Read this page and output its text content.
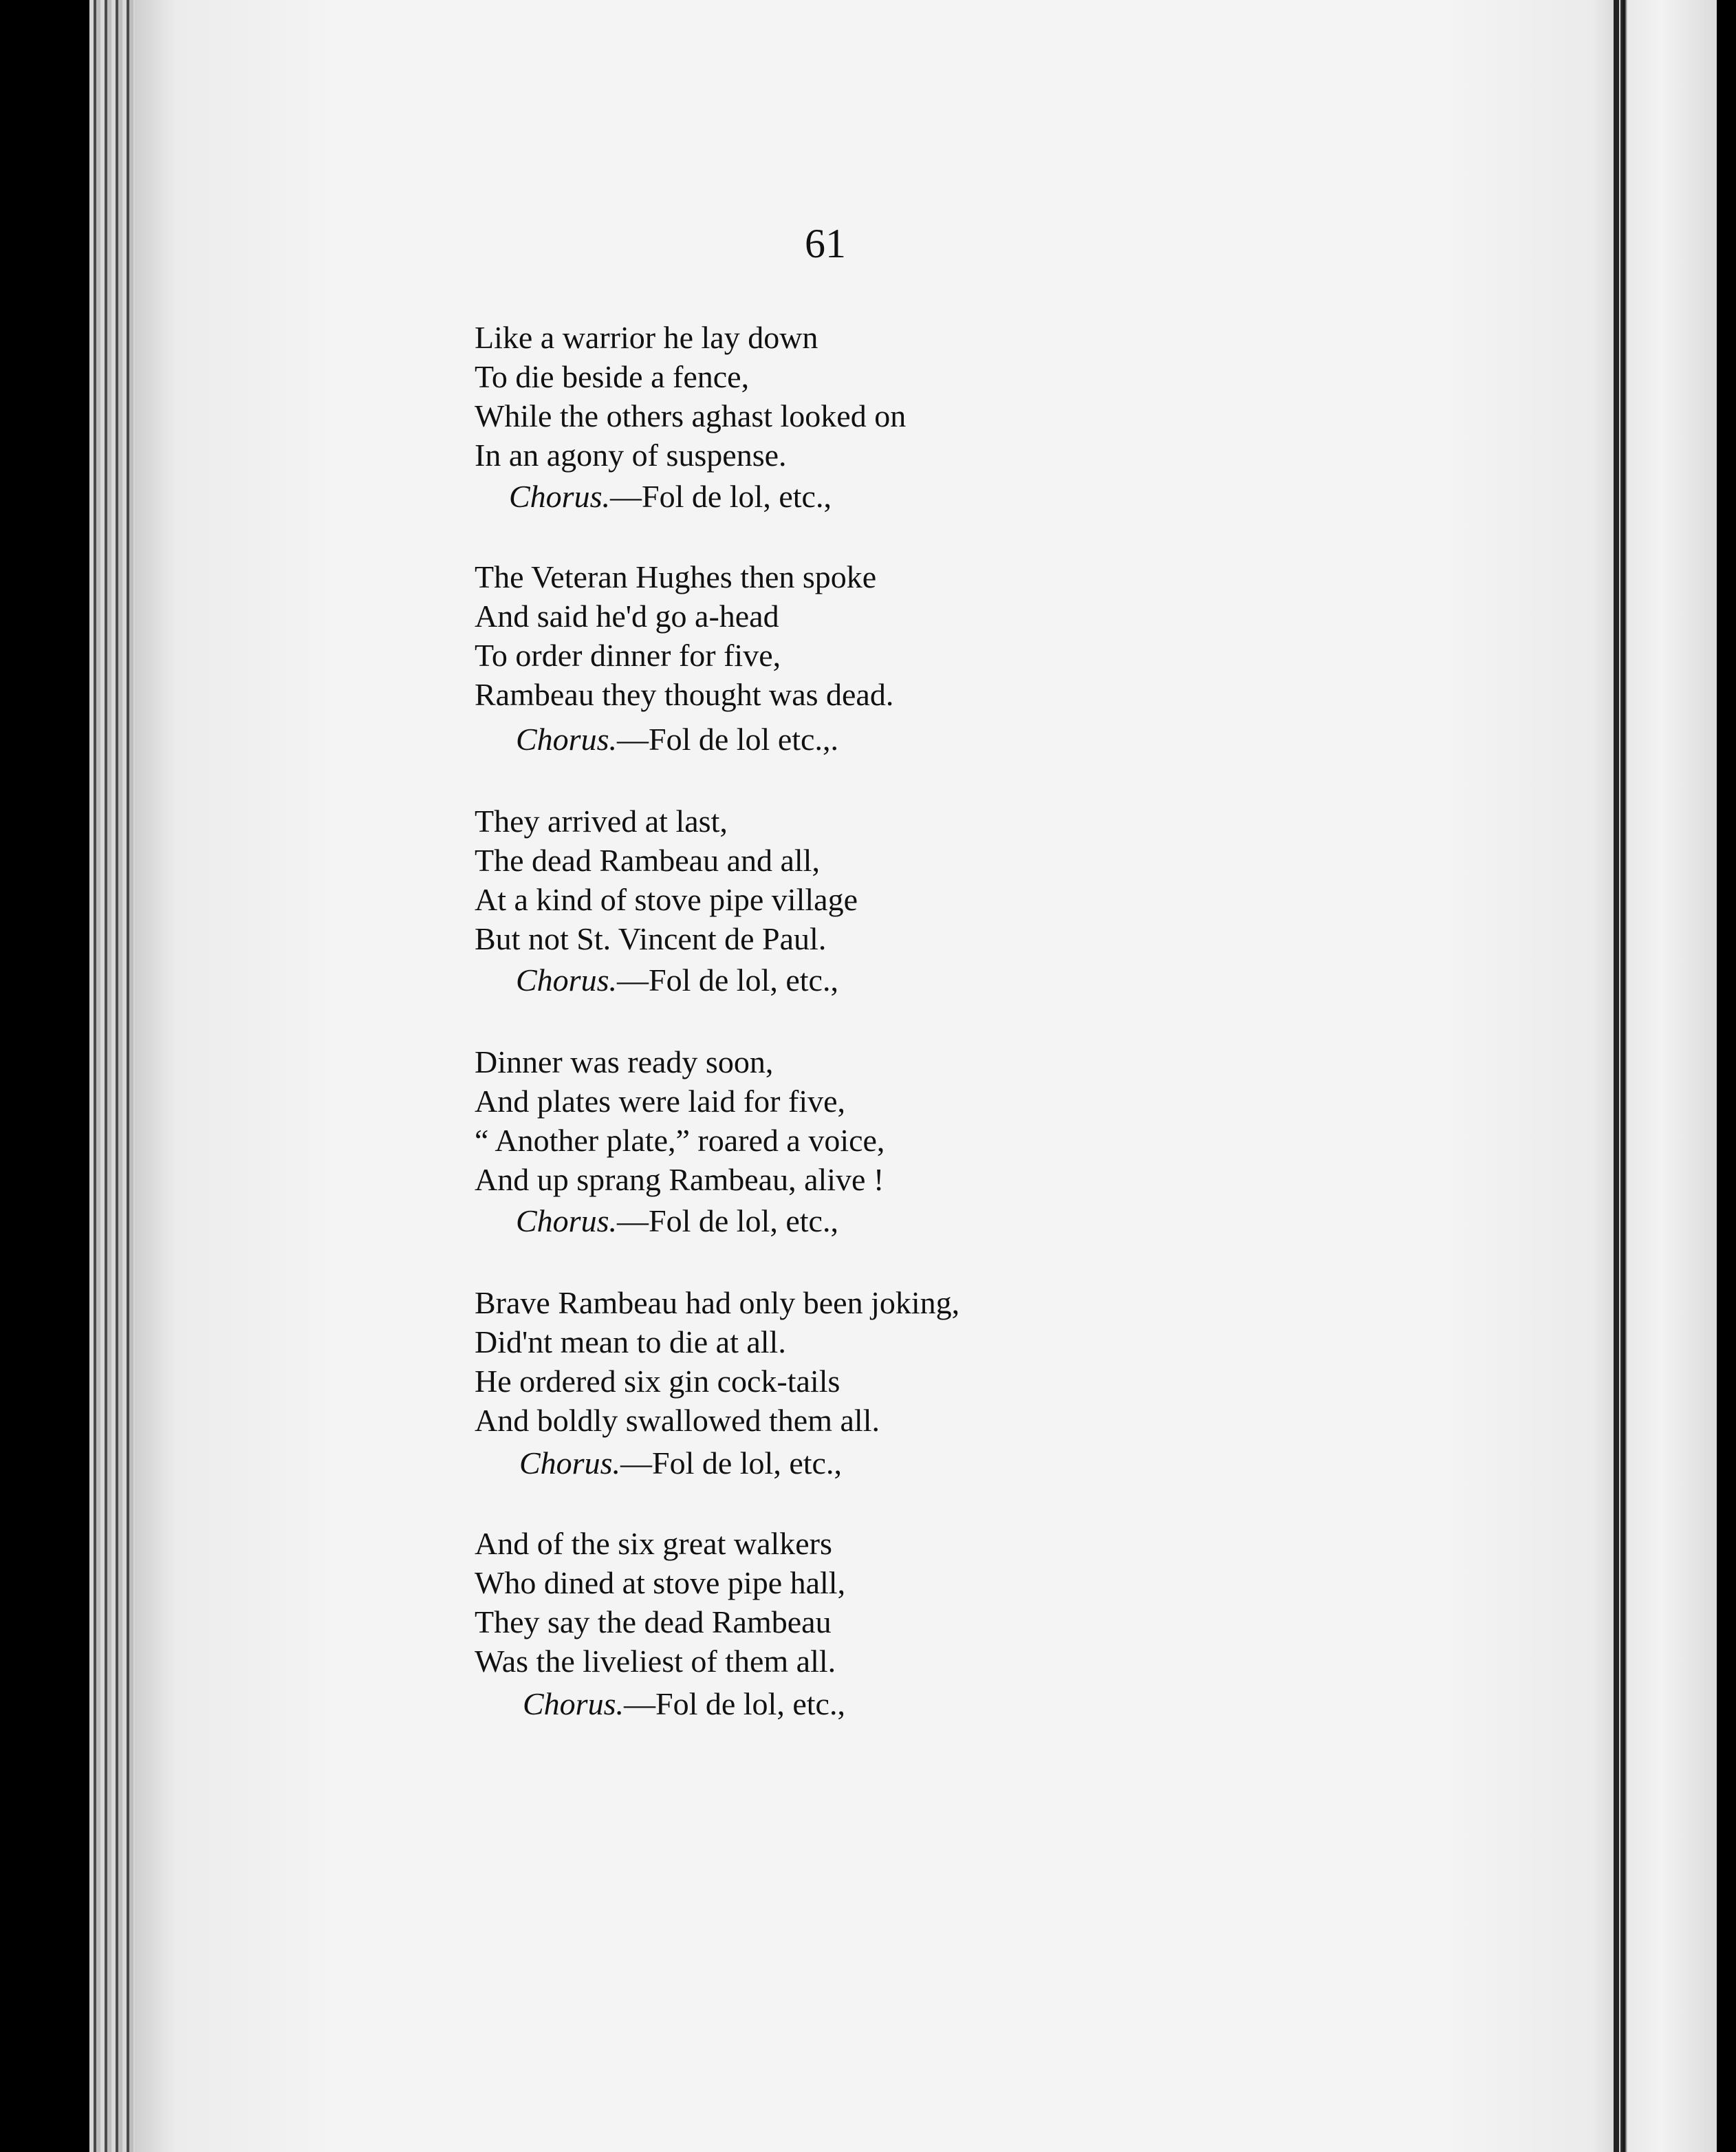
61
Like a warrior he lay down
To die beside a fence,
While the others aghast looked on
In an agony of suspense.
Chorus.—Fol de lol, etc.,
The Veteran Hughes then spoke
And said he'd go a-head
To order dinner for five,
Rambeau they thought was dead.
Chorus.—Fol de lol etc.,.
They arrived at last,
The dead Rambeau and all,
At a kind of stove pipe village
But not St. Vincent de Paul.
Chorus.—Fol de lol, etc.,
Dinner was ready soon,
And plates were laid for five,
“ Another plate,” roared a voice,
And up sprang Rambeau, alive !
Chorus.—Fol de lol, etc.,
Brave Rambeau had only been joking,
Did'nt mean to die at all.
He ordered six gin cock-tails
And boldly swallowed them all.
Chorus.—Fol de lol, etc.,
And of the six great walkers
Who dined at stove pipe hall,
They say the dead Rambeau
Was the liveliest of them all.
Chorus.—Fol de lol, etc.,
